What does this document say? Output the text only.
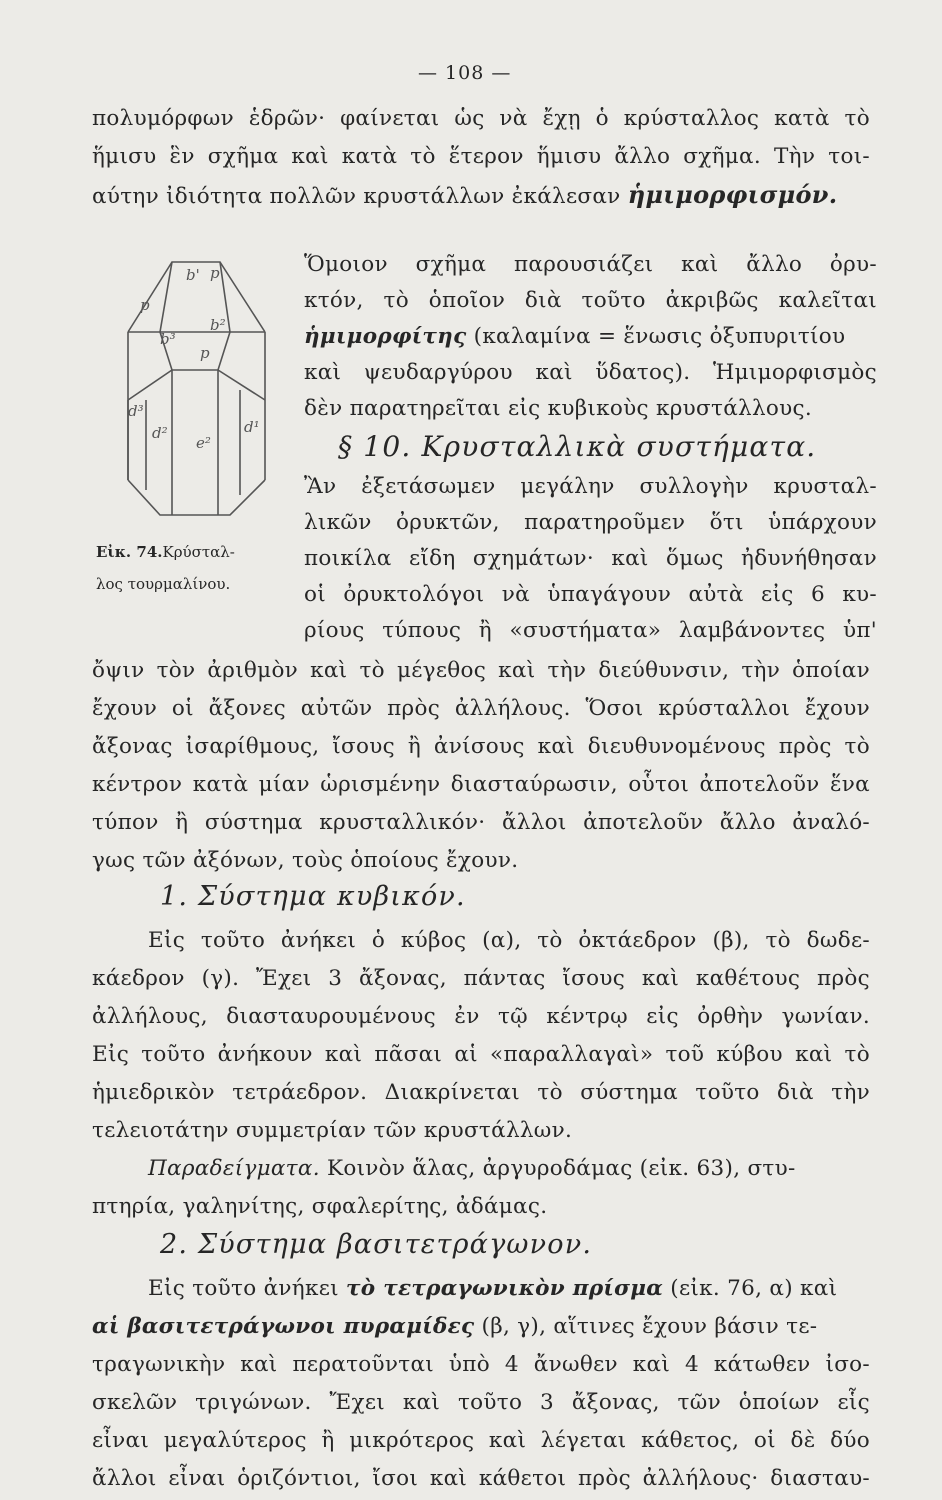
— 108 —
πολυμόρφων ἑδρῶν· φαίνεται ὡς νὰ ἔχῃ ὁ κρύσταλλος κατὰ τὸ
ἥμισυ ἓν σχῆμα καὶ κατὰ τὸ ἕτερον ἥμισυ ἄλλο σχῆμα. Τὴν τοι-
αύτην ἰδιότητα πολλῶν κρυστάλλων ἐκάλεσαν ἡμιμορφισμόν.
b' p
p
b³
b²
p
d³
d²
e²
d¹
Ὅμοιον σχῆμα παρουσιάζει καὶ ἄλλο ὀρυ-
κτόν, τὸ ὁποῖον διὰ τοῦτο ἀκριβῶς καλεῖται
ἡμιμορφίτης (καλαμίνα = ἕνωσις ὀξυπυριτίου
καὶ ψευδαργύρου καὶ ὕδατος). Ἡμιμορφισμὸς
δὲν παρατηρεῖται εἰς κυβικοὺς κρυστάλλους.
§ 10. Κρυσταλλικὰ συστήματα.
Ἂν ἐξετάσωμεν μεγάλην συλλογὴν κρυσταλ-
λικῶν ὀρυκτῶν, παρατηροῦμεν ὅτι ὑπάρχουν
ποικίλα εἴδη σχημάτων· καὶ ὅμως ἠδυνήθησαν
οἱ ὀρυκτολόγοι νὰ ὑπαγάγουν αὐτὰ εἰς 6 κυ-
ρίους τύπους ἢ «συστήματα» λαμβάνοντες ὑπ'
Εἰκ. 74.Κρύσταλ-
λος τουρμαλίνου.
ὄψιν τὸν ἀριθμὸν καὶ τὸ μέγεθος καὶ τὴν διεύθυνσιν, τὴν ὁποίαν
ἔχουν οἱ ἄξονες αὐτῶν πρὸς ἀλλήλους. Ὅσοι κρύσταλλοι ἔχουν
ἄξονας ἰσαρίθμους, ἴσους ἢ ἀνίσους καὶ διευθυνομένους πρὸς τὸ
κέντρον κατὰ μίαν ὡρισμένην διασταύρωσιν, οὗτοι ἀποτελοῦν ἕνα
τύπον ἢ σύστημα κρυσταλλικόν· ἄλλοι ἀποτελοῦν ἄλλο ἀναλό-
γως τῶν ἀξόνων, τοὺς ὁποίους ἔχουν.
1. Σύστημα κυβικόν.
Εἰς τοῦτο ἀνήκει ὁ κύβος (α), τὸ ὀκτάεδρον (β), τὸ δωδε-
κάεδρον (γ). Ἔχει 3 ἄξονας, πάντας ἴσους καὶ καθέτους πρὸς
ἀλλήλους, διασταυρουμένους ἐν τῷ κέντρῳ εἰς ὀρθὴν γωνίαν.
Εἰς τοῦτο ἀνήκουν καὶ πᾶσαι αἱ «παραλλαγαὶ» τοῦ κύβου καὶ τὸ
ἡμιεδρικὸν τετράεδρον. Διακρίνεται τὸ σύστημα τοῦτο διὰ τὴν
τελειοτάτην συμμετρίαν τῶν κρυστάλλων.
Παραδείγματα. Κοινὸν ἅλας, ἀργυροδάμας (εἰκ. 63), στυ-
πτηρία, γαληνίτης, σφαλερίτης, ἀδάμας.
2. Σύστημα βασιτετράγωνον.
Εἰς τοῦτο ἀνήκει τὸ τετραγωνικὸν πρίσμα (εἰκ. 76, α) καὶ
αἱ βασιτετράγωνοι πυραμίδες (β, γ), αἵτινες ἔχουν βάσιν τε-
τραγωνικὴν καὶ περατοῦνται ὑπὸ 4 ἄνωθεν καὶ 4 κάτωθεν ἰσο-
σκελῶν τριγώνων. Ἔχει καὶ τοῦτο 3 ἄξονας, τῶν ὁποίων εἷς
εἶναι μεγαλύτερος ἢ μικρότερος καὶ λέγεται κάθετος, οἱ δὲ δύο
ἄλλοι εἶναι ὁριζόντιοι, ἴσοι καὶ κάθετοι πρὸς ἀλλήλους· διασταυ-
